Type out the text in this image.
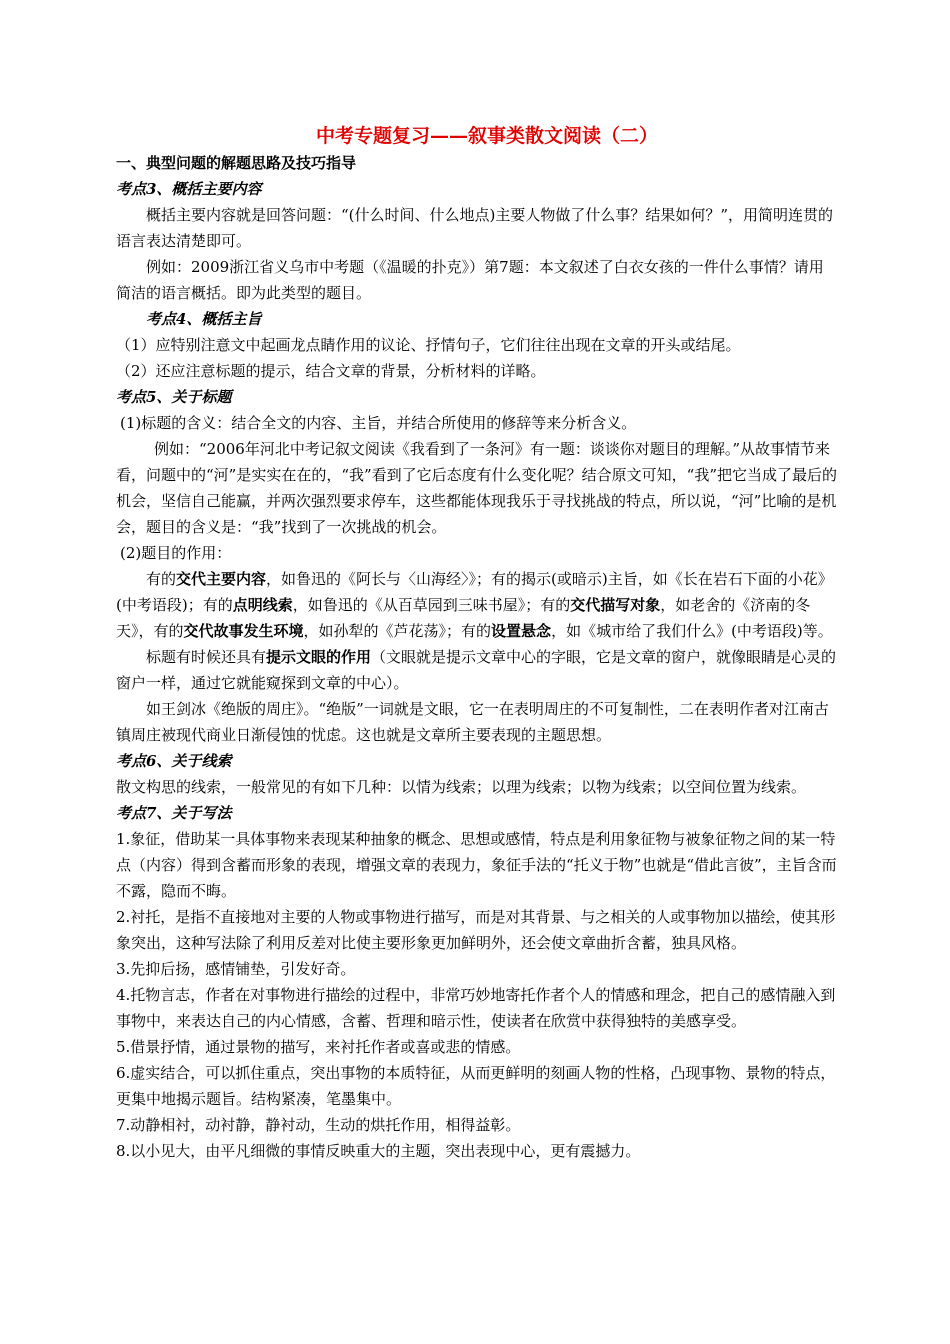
中考专题复习——叙事类散文阅读（二）

一、典型问题的解题思路及技巧指导

考点3、概括主要内容

概括主要内容就是回答问题：“(什么时间、什么地点)主要人物做了什么事？结果如何？”，用简明连贯的语言表达清楚即可。

例如：2009浙江省义乌市中考题（《温暖的扑克》）第7题：本文叙述了白衣女孩的一件什么事情？请用简洁的语言概括。即为此类型的题目。

考点4、概括主旨

（1）应特别注意文中起画龙点睛作用的议论、抒情句子，它们往往出现在文章的开头或结尾。

（2）还应注意标题的提示，结合文章的背景，分析材料的详略。

考点5、关于标题

(1)标题的含义：结合全文的内容、主旨，并结合所使用的修辞等来分析含义。

例如：“2006年河北中考记叙文阅读《我看到了一条河》有一题：谈谈你对题目的理解。”从故事情节来看，问题中的“河”是实实在在的，“我”看到了它后态度有什么变化呢？结合原文可知，“我”把它当成了最后的机会，坚信自己能赢，并两次强烈要求停车，这些都能体现我乐于寻找挑战的特点，所以说，“河”比喻的是机会，题目的含义是：“我”找到了一次挑战的机会。

(2)题目的作用：

有的交代主要内容，如鲁迅的《阿长与〈山海经〉》；有的揭示(或暗示)主旨，如《长在岩石下面的小花》(中考语段)；有的点明线索，如鲁迅的《从百草园到三味书屋》；有的交代描写对象，如老舍的《济南的冬天》，有的交代故事发生环境，如孙犁的《芦花荡》；有的设置悬念，如《城市给了我们什么》(中考语段)等。

标题有时候还具有提示文眼的作用（文眼就是提示文章中心的字眼，它是文章的窗户，就像眼睛是心灵的窗户一样，通过它就能窥探到文章的中心）。

如王剑冰《绝版的周庄》。“绝版”一词就是文眼，它一在表明周庄的不可复制性，二在表明作者对江南古镇周庄被现代商业日渐侵蚀的忧虑。这也就是文章所主要表现的主题思想。

考点6、关于线索

散文构思的线索，一般常见的有如下几种：以情为线索；以理为线索；以物为线索；以空间位置为线索。

考点7、关于写法

1.象征，借助某一具体事物来表现某种抽象的概念、思想或感情，特点是利用象征物与被象征物之间的某一特点（内容）得到含蓄而形象的表现，增强文章的表现力，象征手法的“托义于物”也就是“借此言彼”，主旨含而不露，隐而不晦。

2.衬托，是指不直接地对主要的人物或事物进行描写，而是对其背景、与之相关的人或事物加以描绘，使其形象突出，这种写法除了利用反差对比使主要形象更加鲜明外，还会使文章曲折含蓄，独具风格。

3.先抑后扬，感情铺垫，引发好奇。

4.托物言志，作者在对事物进行描绘的过程中，非常巧妙地寄托作者个人的情感和理念，把自己的感情融入到事物中，来表达自己的内心情感，含蓄、哲理和暗示性，使读者在欣赏中获得独特的美感享受。

5.借景抒情，通过景物的描写，来衬托作者或喜或悲的情感。

6.虚实结合，可以抓住重点，突出事物的本质特征，从而更鲜明的刻画人物的性格，凸现事物、景物的特点，更集中地揭示题旨。结构紧凑，笔墨集中。

7.动静相衬，动衬静，静衬动，生动的烘托作用，相得益彰。

8.以小见大，由平凡细微的事情反映重大的主题，突出表现中心，更有震撼力。
